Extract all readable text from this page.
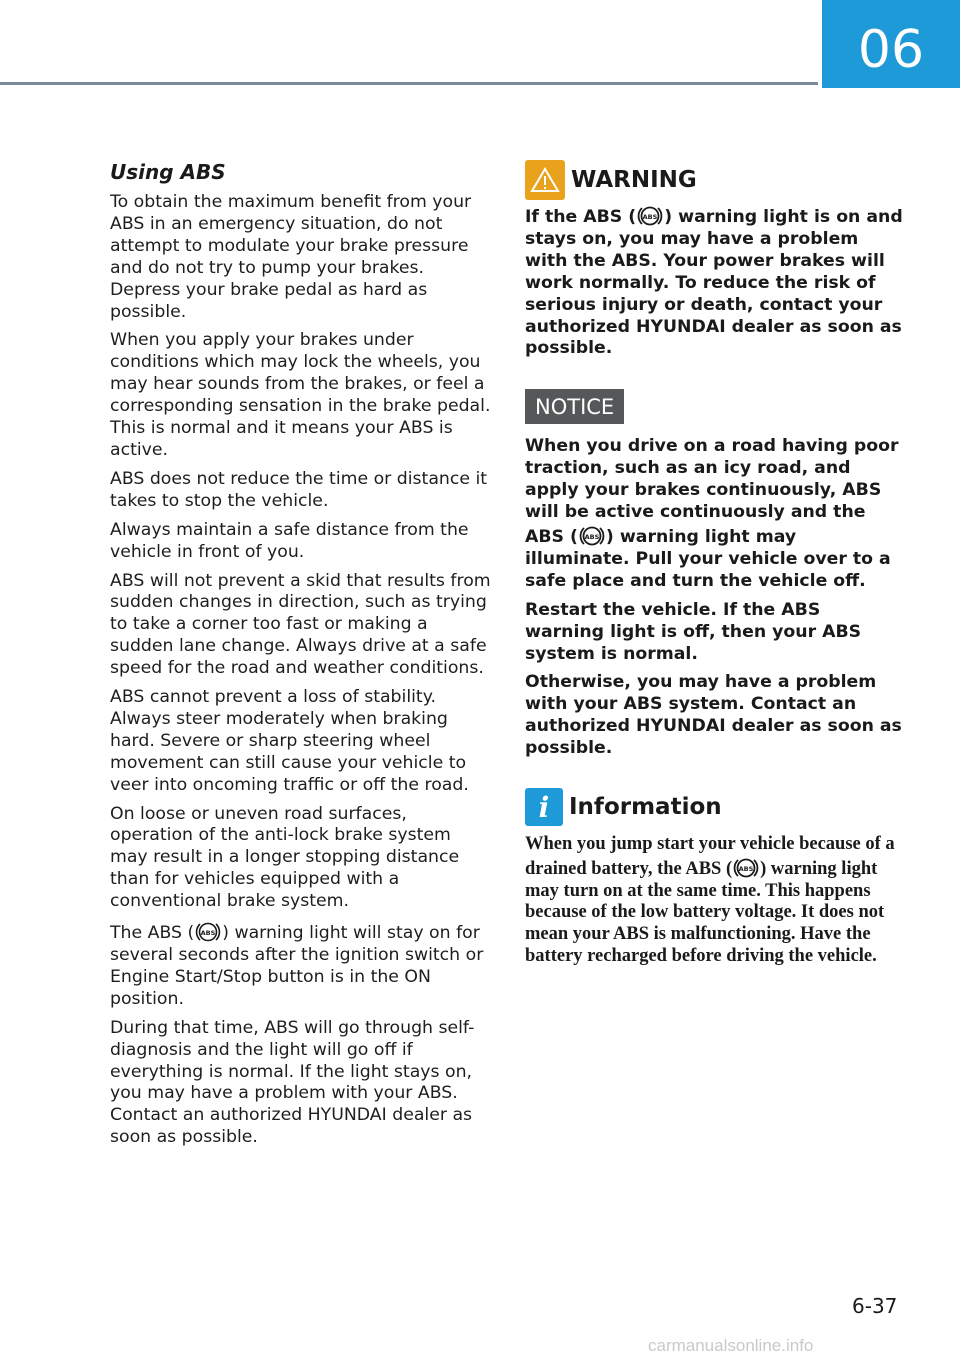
06
Using ABS

To obtain the maximum benefit from your ABS in an emergency situation, do not attempt to modulate your brake pressure and do not try to pump your brakes. Depress your brake pedal as hard as possible.

When you apply your brakes under conditions which may lock the wheels, you may hear sounds from the brakes, or feel a corresponding sensation in the brake pedal. This is normal and it means your ABS is active.

ABS does not reduce the time or distance it takes to stop the vehicle.

Always maintain a safe distance from the vehicle in front of you.

ABS will not prevent a skid that results from sudden changes in direction, such as trying to take a corner too fast or making a sudden lane change. Always drive at a safe speed for the road and weather conditions.

ABS cannot prevent a loss of stability. Always steer moderately when braking hard. Severe or sharp steering wheel movement can still cause your vehicle to veer into oncoming traffic or off the road.

On loose or uneven road surfaces, operation of the anti-lock brake system may result in a longer stopping distance than for vehicles equipped with a conventional brake system.

The ABS ( ABS ) warning light will stay on for several seconds after the ignition switch or Engine Start/Stop button is in the ON position.

During that time, ABS will go through self-diagnosis and the light will go off if everything is normal. If the light stays on, you may have a problem with your ABS. Contact an authorized HYUNDAI dealer as soon as possible.

WARNING

If the ABS ( ABS ) warning light is on and stays on, you may have a problem with the ABS. Your power brakes will work normally. To reduce the risk of serious injury or death, contact your authorized HYUNDAI dealer as soon as possible.

NOTICE

When you drive on a road having poor traction, such as an icy road, and apply your brakes continuously, ABS will be active continuously and the ABS ( ABS ) warning light may illuminate. Pull your vehicle over to a safe place and turn the vehicle off.

Restart the vehicle. If the ABS warning light is off, then your ABS system is normal.

Otherwise, you may have a problem with your ABS system. Contact an authorized HYUNDAI dealer as soon as possible.

i Information

When you jump start your vehicle because of a drained battery, the ABS ( ABS ) warning light may turn on at the same time. This happens because of the low battery voltage. It does not mean your ABS is malfunctioning. Have the battery recharged before driving the vehicle.

6-37
carmanualsonline.info
